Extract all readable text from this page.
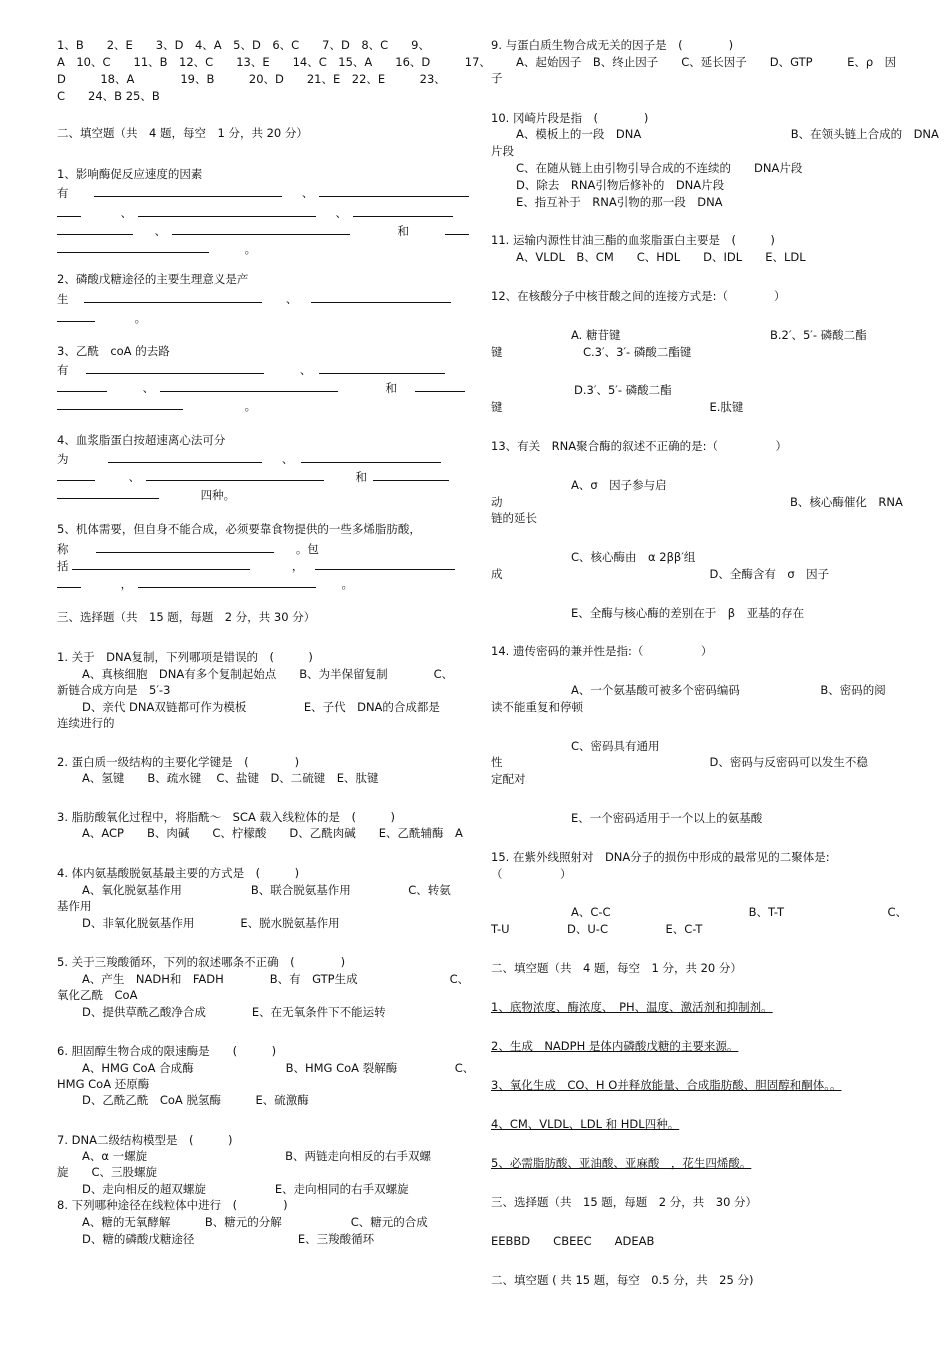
1、B　　2、E　　3、D　4、A　5、D　6、C　　7、D　8、C　　9、
A　10、C　　11、B　12、C　　13、E　　14、C　15、A　　16、D　　　17、
D　　　18、A　　　　19、B　　　20、D　　21、E　22、E　　　23、
C　　24、B 25、B
二、填空题（共　4 题，每空　1 分，共 20 分）
1、影响酶促反应速度的因素
有	、
、	、
、	和
。
2、磷酸戊糖途径的主要生理意义是产
生	、
。
3、乙酰　coA 的去路
有	、
、	和
。
4、血浆脂蛋白按超速离心法可分
为	、
、	和
四种。
5、机体需要，但自身不能合成，必须要靠食物提供的一些多烯脂肪酸，
称	。包
括	，
，	。
三、选择题（共　15 题，每题　2 分，共 30 分）
1. 关于　DNA复制，下列哪项是错误的　(　　　)
A、真核细胞　DNA有多个复制起始点　　B、为半保留复制　　　　C、
新链合成方向是　5′-3
D、亲代 DNA双链都可作为模板　　　　　E、子代　DNA的合成都是
连续进行的
2. 蛋白质一级结构的主要化学键是　(　　　　)
A、氢键　　B、疏水键　 C、盐键　D、二硫键　E、肽键
3. 脂肪酸氧化过程中，将脂酰～　SCA 载入线粒体的是　(　　　)
A、ACP　　B、肉碱　　C、柠檬酸　　D、乙酰肉碱　　E、乙酰辅酶　A
4. 体内氨基酸脱氨基最主要的方式是　(　　　)
A、氧化脱氨基作用　　　　　　B、联合脱氨基作用　　　　　C、转氨
基作用
D、非氧化脱氨基作用　　　　E、脱水脱氨基作用
5. 关于三羧酸循环，下列的叙述哪条不正确　(　　　　)
A、产生　NADH和　FADH　　　　B、有　GTP生成　　　　　　　　C、
氧化乙酰　CoA
D、提供草酰乙酸净合成　　　　E、在无氧条件下不能运转
6. 胆固醇生物合成的限速酶是　　(　　　)
A、HMG CoA 合成酶　　　　　　　　B、HMG CoA 裂解酶　　　　　C、
HMG CoA 还原酶
D、乙酰乙酰　CoA 脱氢酶　　　E、硫激酶
7. DNA二级结构模型是　(　　　)
A、α 一螺旋　　　　　　　　　　　　B、两链走向相反的右手双螺
旋　　C、三股螺旋
D、走向相反的超双螺旋　　　　　　E、走向相同的右手双螺旋
8. 下列哪种途径在线粒体中进行　(　　　　)
A、糖的无氧酵解　　　B、糖元的分解　　　　　　C、糖元的合成
D、糖的磷酸戊糖途径　　　　　　　　　E、三羧酸循环
9. 与蛋白质生物合成无关的因子是　(　　　　)
A、起始因子　B、终止因子　　C、延长因子　　D、GTP　　　E、ρ　因
子
10. 冈崎片段是指　(　　　　)
A、模板上的一段　DNA　　　　　　　　　　　　　B、在领头链上合成的　DNA
片段
C、在随从链上由引物引导合成的不连续的　　DNA片段
D、除去　RNA引物后修补的　DNA片段
E、指互补于　RNA引物的那一段　DNA
11. 运输内源性甘油三酯的血浆脂蛋白主要是　(　　　)
A、VLDL　B、CM　　C、HDL　　D、IDL　　E、LDL
12、在核酸分子中核苷酸之间的连接方式是:（　　　　）
A. 糖苷键　　　　　　　　　　　　　B.2′、5′- 磷酸二酯
键　　　　　　　C.3′、3′- 磷酸二酯键
D.3′、5′- 磷酸二酯
键　　　　　　　　　　　　　　　　　　E.肽键
13、有关　RNA聚合酶的叙述不正确的是:（　　　　　）
A、σ　因子参与启
动　　　　　　　　　　　　　　　　　　　　　　　　　B、核心酶催化　RNA
链的延长
C、核心酶由　α 2ββ′组
成　　　　　　　　　　　　　　　　　　D、全酶含有　σ　因子
E、全酶与核心酶的差别在于　β　亚基的存在
14. 遗传密码的兼并性是指:（　　　　　）
A、一个氨基酸可被多个密码编码　　　　　　　B、密码的阅
读不能重复和停顿
C、密码具有通用
性　　　　　　　　　　　　　　　　　　D、密码与反密码可以发生不稳
定配对
E、一个密码适用于一个以上的氨基酸
15. 在紫外线照射对　DNA分子的损伤中形成的最常见的二聚体是:
（　　　　　）
A、C-C　　　　　　　　　　　　B、T-T　　　　　　　　　C、
T-U　　　　　D、U-C　　　　　E、C-T
二、填空题（共　4 题，每空　1 分，共 20 分）
1、底物浓度、酶浓度、　PH、温度、激活剂和抑制剂。
2、生成　NADPH 是体内磷酸戊糖的主要来源。
3、氧化生成　CO、H O并释放能量、合成脂肪酸、胆固醇和酮体。。
4、CM、VLDL、LDL 和 HDL四种。
5、必需脂肪酸、亚油酸、亚麻酸　，花生四烯酸。
三、选择题（共　15 题，每题　2 分，共　30 分）
EEBBD　　CBEEC　　ADEAB
二、填空题 ( 共 15 题，每空　0.5 分，共　25 分)
